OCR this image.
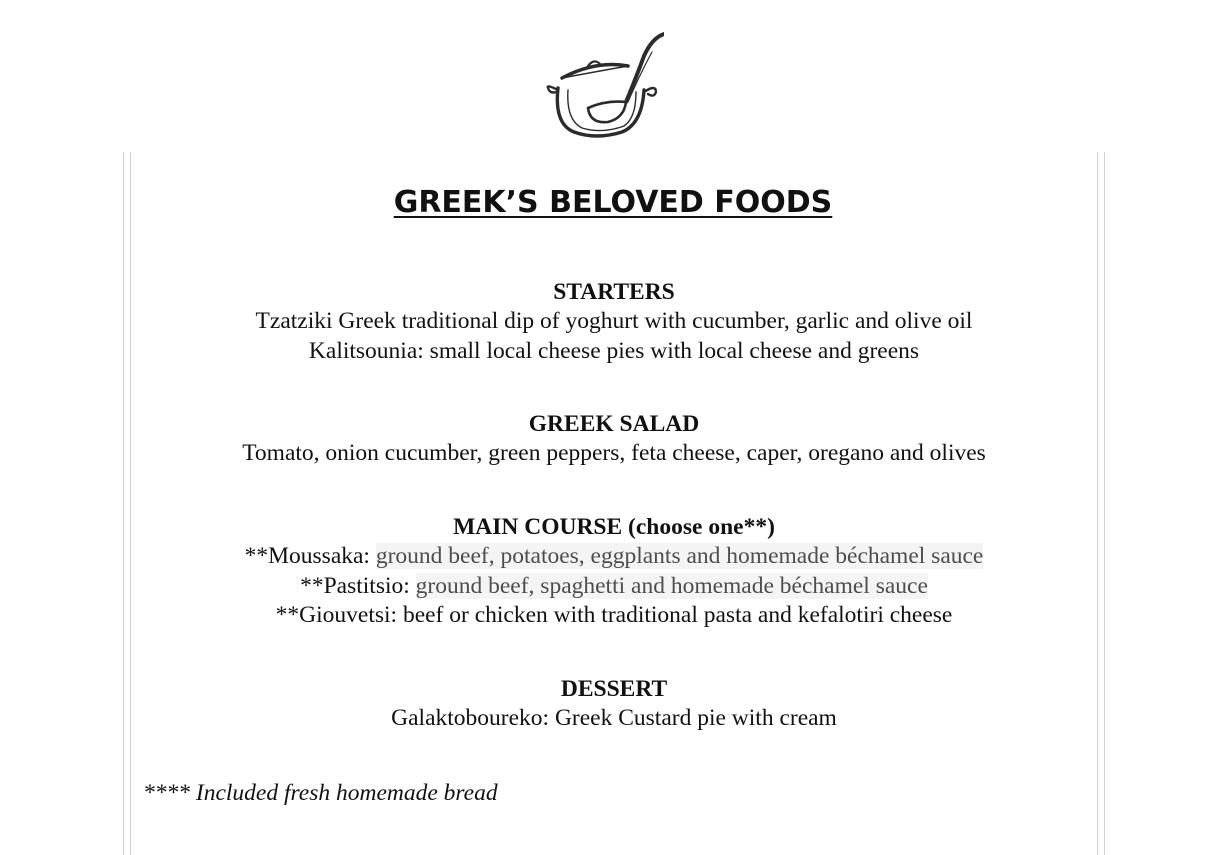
GREEK’S BELOVED FOODS
STARTERS

Tzatziki Greek traditional dip of yoghurt with cucumber, garlic and olive oil

Kalitsounia: small local cheese pies with local cheese and greens

GREEK SALAD

Tomato, onion cucumber, green peppers, feta cheese, caper, oregano and olives

MAIN COURSE (choose one**)

**Moussaka: ground beef, potatoes, eggplants and homemade béchamel sauce

**Pastitsio: ground beef, spaghetti and homemade béchamel sauce

**Giouvetsi: beef or chicken with traditional pasta and kefalotiri cheese

DESSERT

Galaktoboureko: Greek Custard pie with cream

**** Included fresh homemade bread
